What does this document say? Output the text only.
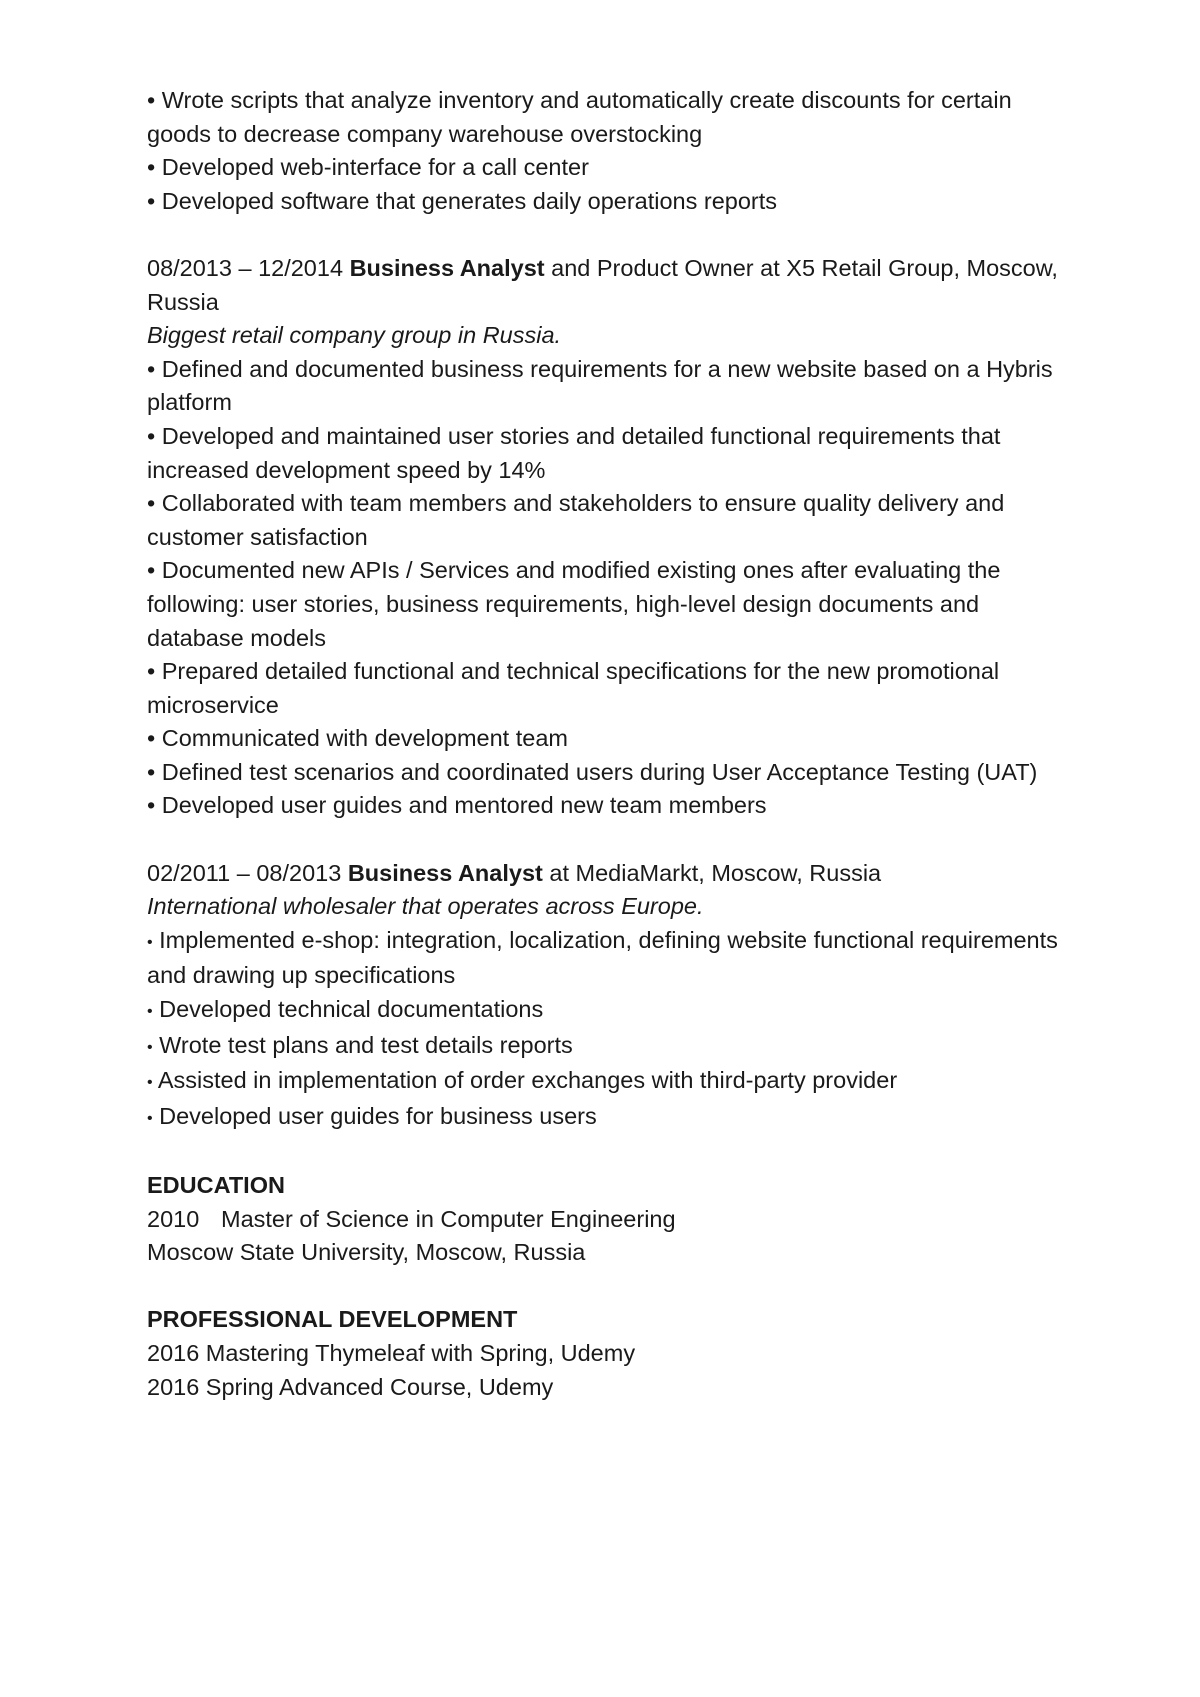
• Wrote scripts that analyze inventory and automatically create discounts for certain goods to decrease company warehouse overstocking

• Developed web-interface for a call center

• Developed software that generates daily operations reports

08/2013 – 12/2014 Business Analyst and Product Owner at X5 Retail Group, Moscow, Russia

Biggest retail company group in Russia.

• Defined and documented business requirements for a new website based on a Hybris platform

• Developed and maintained user stories and detailed functional requirements that increased development speed by 14%

• Collaborated with team members and stakeholders to ensure quality delivery and customer satisfaction

• Documented new APIs / Services and modified existing ones after evaluating the following: user stories, business requirements, high-level design documents and database models

• Prepared detailed functional and technical specifications for the new promotional microservice

• Communicated with development team

• Defined test scenarios and coordinated users during User Acceptance Testing (UAT)

• Developed user guides and mentored new team members

02/2011 – 08/2013 Business Analyst at MediaMarkt, Moscow, Russia

International wholesaler that operates across Europe.

• Implemented e-shop: integration, localization, defining website functional requirements and drawing up specifications

• Developed technical documentations

• Wrote test plans and test details reports

• Assisted in implementation of order exchanges with third-party provider

• Developed user guides for business users

EDUCATION

2010 Master of Science in Computer Engineering

Moscow State University, Moscow, Russia

PROFESSIONAL DEVELOPMENT

2016 Mastering Thymeleaf with Spring, Udemy

2016 Spring Advanced Course, Udemy
